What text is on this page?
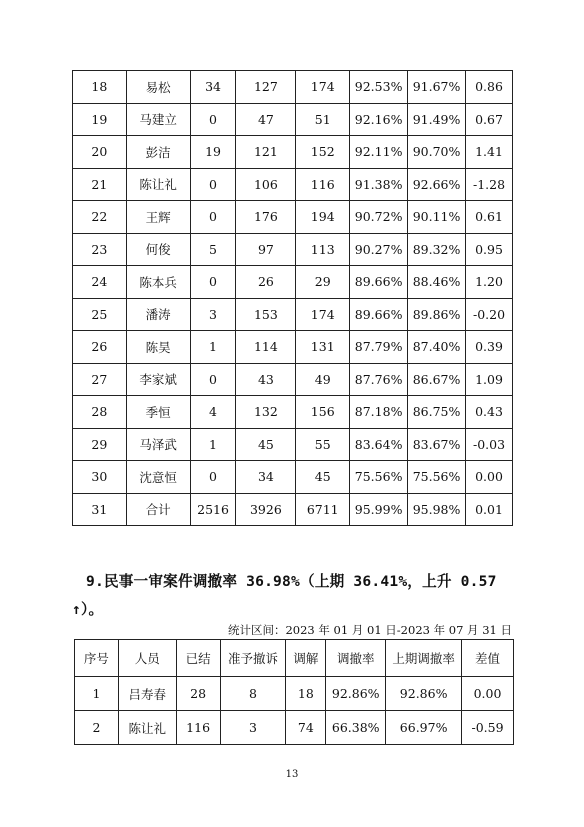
18	易松	34	127	174	92.53%	91.67%	0.86
19	马建立	0	47	51	92.16%	91.49%	0.67
20	彭洁	19	121	152	92.11%	90.70%	1.41
21	陈让礼	0	106	116	91.38%	92.66%	-1.28
22	王辉	0	176	194	90.72%	90.11%	0.61
23	何俊	5	97	113	90.27%	89.32%	0.95
24	陈本兵	0	26	29	89.66%	88.46%	1.20
25	潘涛	3	153	174	89.66%	89.86%	-0.20
26	陈昊	1	114	131	87.79%	87.40%	0.39
27	李家斌	0	43	49	87.76%	86.67%	1.09
28	季恒	4	132	156	87.18%	86.75%	0.43
29	马泽武	1	45	55	83.64%	83.67%	-0.03
30	沈意恒	0	34	45	75.56%	75.56%	0.00
31	合计	2516	3926	6711	95.99%	95.98%	0.01
9.民事一审案件调撤率 36.98%（上期 36.41%，上升 0.57
↑）。
统计区间：2023 年 01 月 01 日-2023 年 07 月 31 日
序号	人员	已结	准予撤诉	调解	调撤率	上期调撤率	差值
1	吕寿春	28	8	18	92.86%	92.86%	0.00
2	陈让礼	116	3	74	66.38%	66.97%	-0.59
13
